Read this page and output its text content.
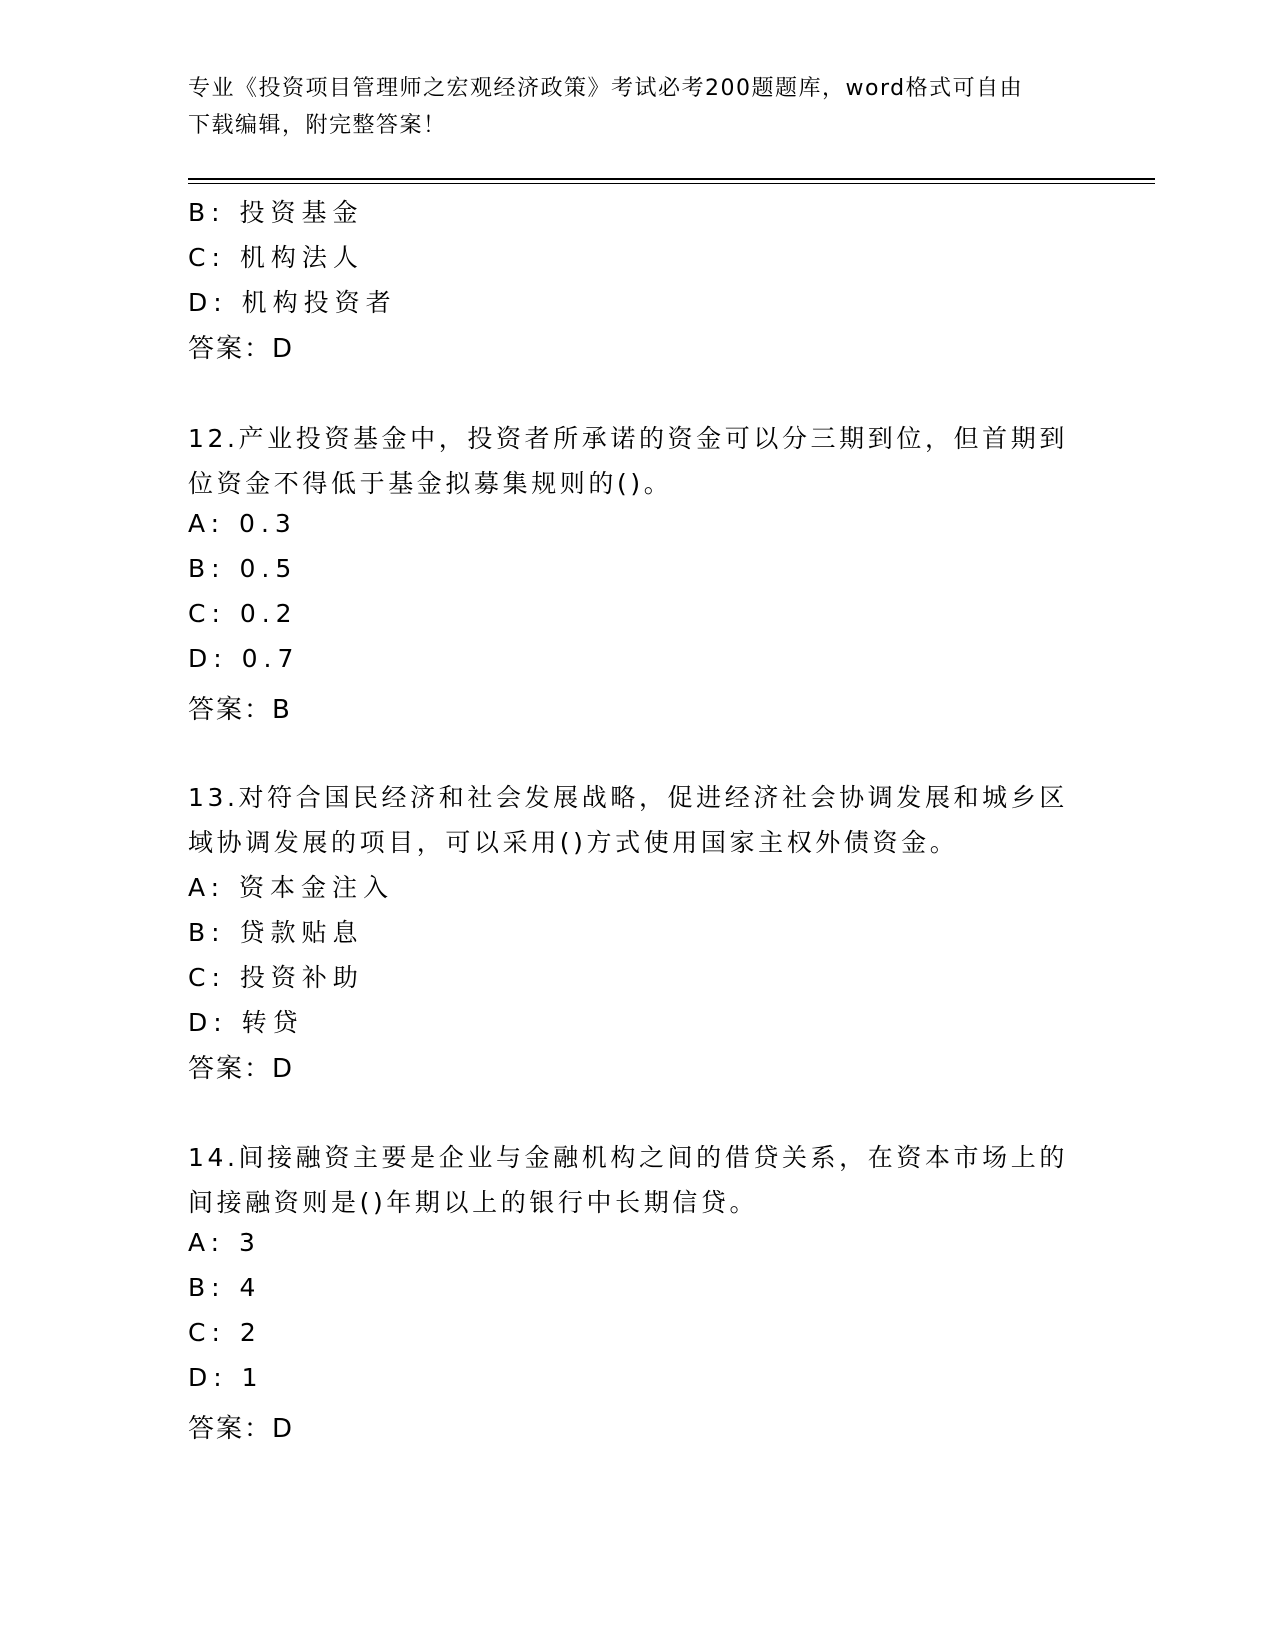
专业《投资项目管理师之宏观经济政策》考试必考200题题库，word格式可自由
下载编辑，附完整答案！
B: 投资基金
C: 机构法人
D: 机构投资者
答案：D
12.产业投资基金中，投资者所承诺的资金可以分三期到位，但首期到
位资金不得低于基金拟募集规则的()。
A: 0.3
B: 0.5
C: 0.2
D: 0.7
答案：B
13.对符合国民经济和社会发展战略，促进经济社会协调发展和城乡区
域协调发展的项目，可以采用()方式使用国家主权外债资金。
A: 资本金注入
B: 贷款贴息
C: 投资补助
D: 转贷
答案：D
14.间接融资主要是企业与金融机构之间的借贷关系，在资本市场上的
间接融资则是()年期以上的银行中长期信贷。
A: 3
B: 4
C: 2
D: 1
答案：D
